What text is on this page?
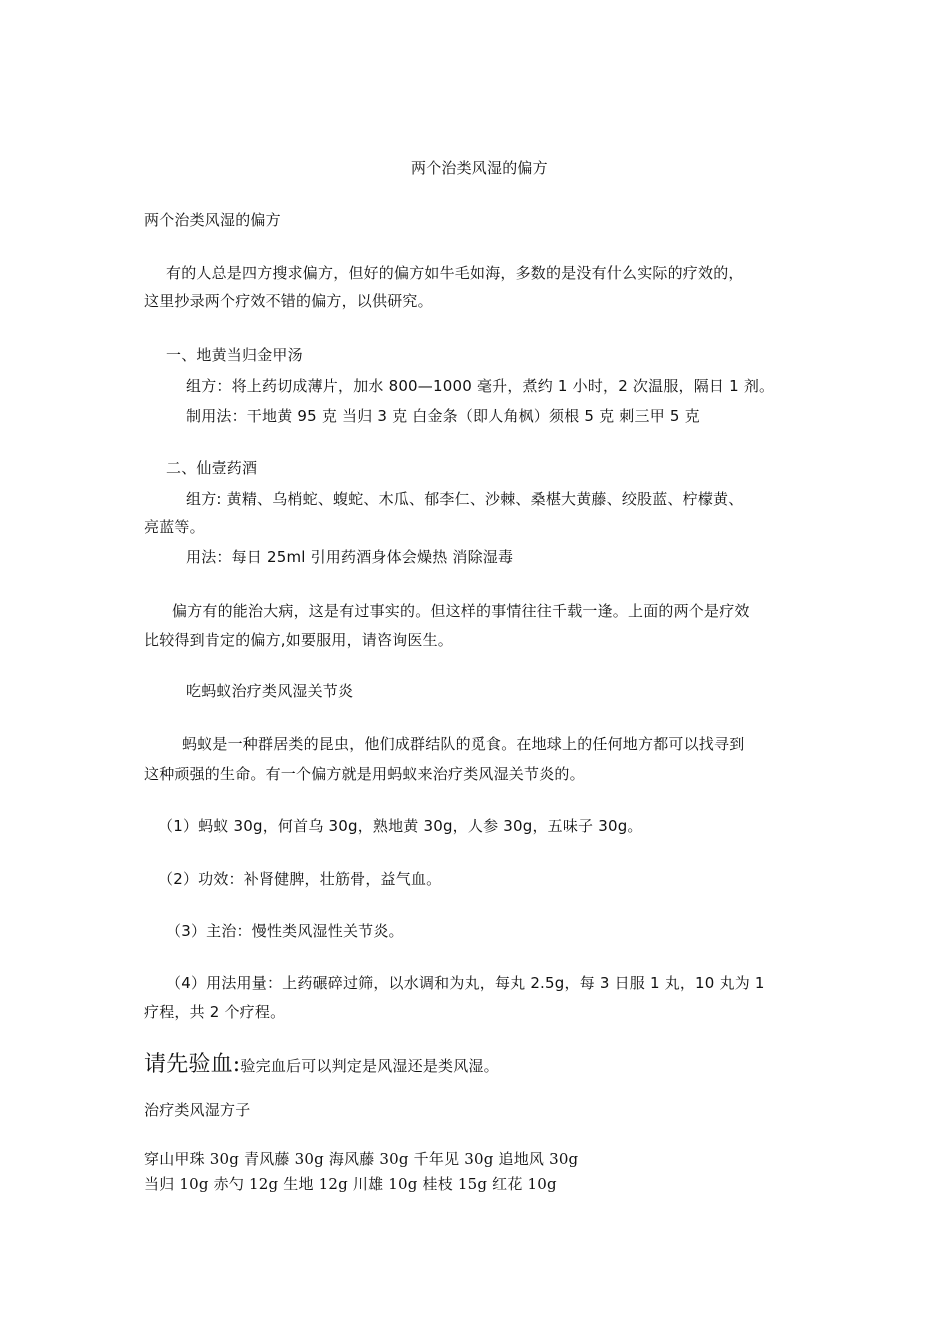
两个治类风湿的偏方
两个治类风湿的偏方
有的人总是四方搜求偏方，但好的偏方如牛毛如海，多数的是没有什么实际的疗效的，
这里抄录两个疗效不错的偏方，以供研究。
一、地黄当归金甲汤
组方：将上药切成薄片，加水 800—1000 毫升，煮约 1 小时，2 次温服，隔日 1 剂。
制用法：干地黄 95 克 当归 3 克 白金条（即人角枫）须根 5 克 刺三甲 5 克
二、仙壹药酒
组方: 黄精、乌梢蛇、蝮蛇、木瓜、郁李仁、沙棘、桑椹大黄藤、绞股蓝、柠檬黄、
亮蓝等。
用法：每日 25ml 引用药酒身体会燥热 消除湿毒
偏方有的能治大病，这是有过事实的。但这样的事情往往千载一逢。上面的两个是疗效
比较得到肯定的偏方,如要服用，请咨询医生。
吃蚂蚁治疗类风湿关节炎
蚂蚁是一种群居类的昆虫，他们成群结队的觅食。在地球上的任何地方都可以找寻到
这种顽强的生命。有一个偏方就是用蚂蚁来治疗类风湿关节炎的。
（1）蚂蚁 30g，何首乌 30g，熟地黄 30g，人参 30g，五味子 30g。
（2）功效：补肾健脾，壮筋骨，益气血。
（3）主治：慢性类风湿性关节炎。
（4）用法用量：上药碾碎过筛，以水调和为丸，每丸 2.5g，每 3 日服 1 丸，10 丸为 1
疗程，共 2 个疗程。
请先验血:验完血后可以判定是风湿还是类风湿。
治疗类风湿方子
穿山甲珠 30g 青风藤 30g 海风藤 30g 千年见 30g 追地风 30g
当归 10g 赤勺 12g 生地 12g 川雄 10g 桂枝 15g 红花 10g
